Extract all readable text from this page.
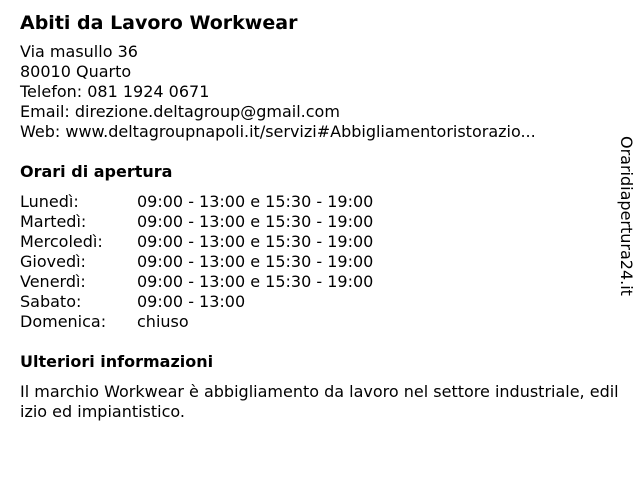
Abiti da Lavoro Workwear
Via masullo 36
80010 Quarto
Telefon: 081 1924 0671
Email: direzione.deltagroup@gmail.com
Web: www.deltagroupnapoli.it/servizi#Abbigliamentoristorazio...
Orari di apertura
Lunedì:	09:00 - 13:00 e 15:30 - 19:00
Martedì:	09:00 - 13:00 e 15:30 - 19:00
Mercoledì:	09:00 - 13:00 e 15:30 - 19:00
Giovedì:	09:00 - 13:00 e 15:30 - 19:00
Venerdì:	09:00 - 13:00 e 15:30 - 19:00
Sabato:	09:00 - 13:00
Domenica:	chiuso
Ulteriori informazioni
Il marchio Workwear è abbigliamento da lavoro nel settore industriale, edilizio ed impiantistico.
Oraridiapertura24.it
